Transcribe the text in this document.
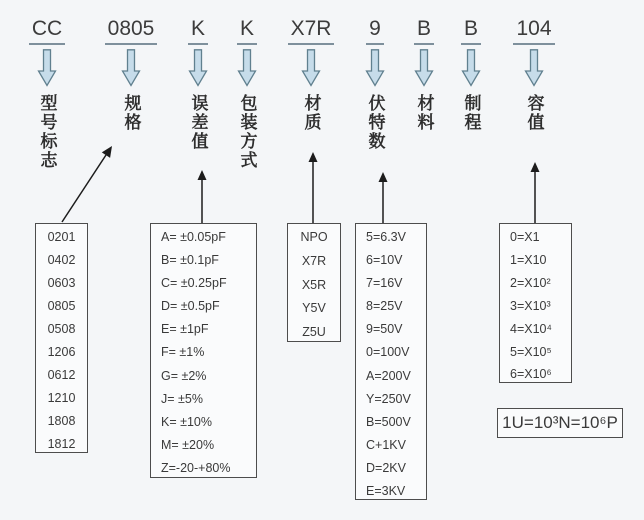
CC
型号标志
0805
规格
K
误差值
K
包装方式
X7R
材质
9
伏特数
B
材料
B
制程
104
容值
0201
0402
0603
0805
0508
1206
0612
1210
1808
1812
A= ±0.05pF
B= ±0.1pF
C= ±0.25pF
D= ±0.5pF
E= ±1pF
F= ±1%
G= ±2%
J= ±5%
K= ±10%
M= ±20%
Z=-20-+80%
NPO
X7R
X5R
Y5V
Z5U
5=6.3V
6=10V
7=16V
8=25V
9=50V
0=100V
A=200V
Y=250V
B=500V
C+1KV
D=2KV
E=3KV
0=X1
1=X10
2=X10²
3=X10³
4=X10⁴
5=X10⁵
6=X10⁶
1U=10³N=10⁶P
